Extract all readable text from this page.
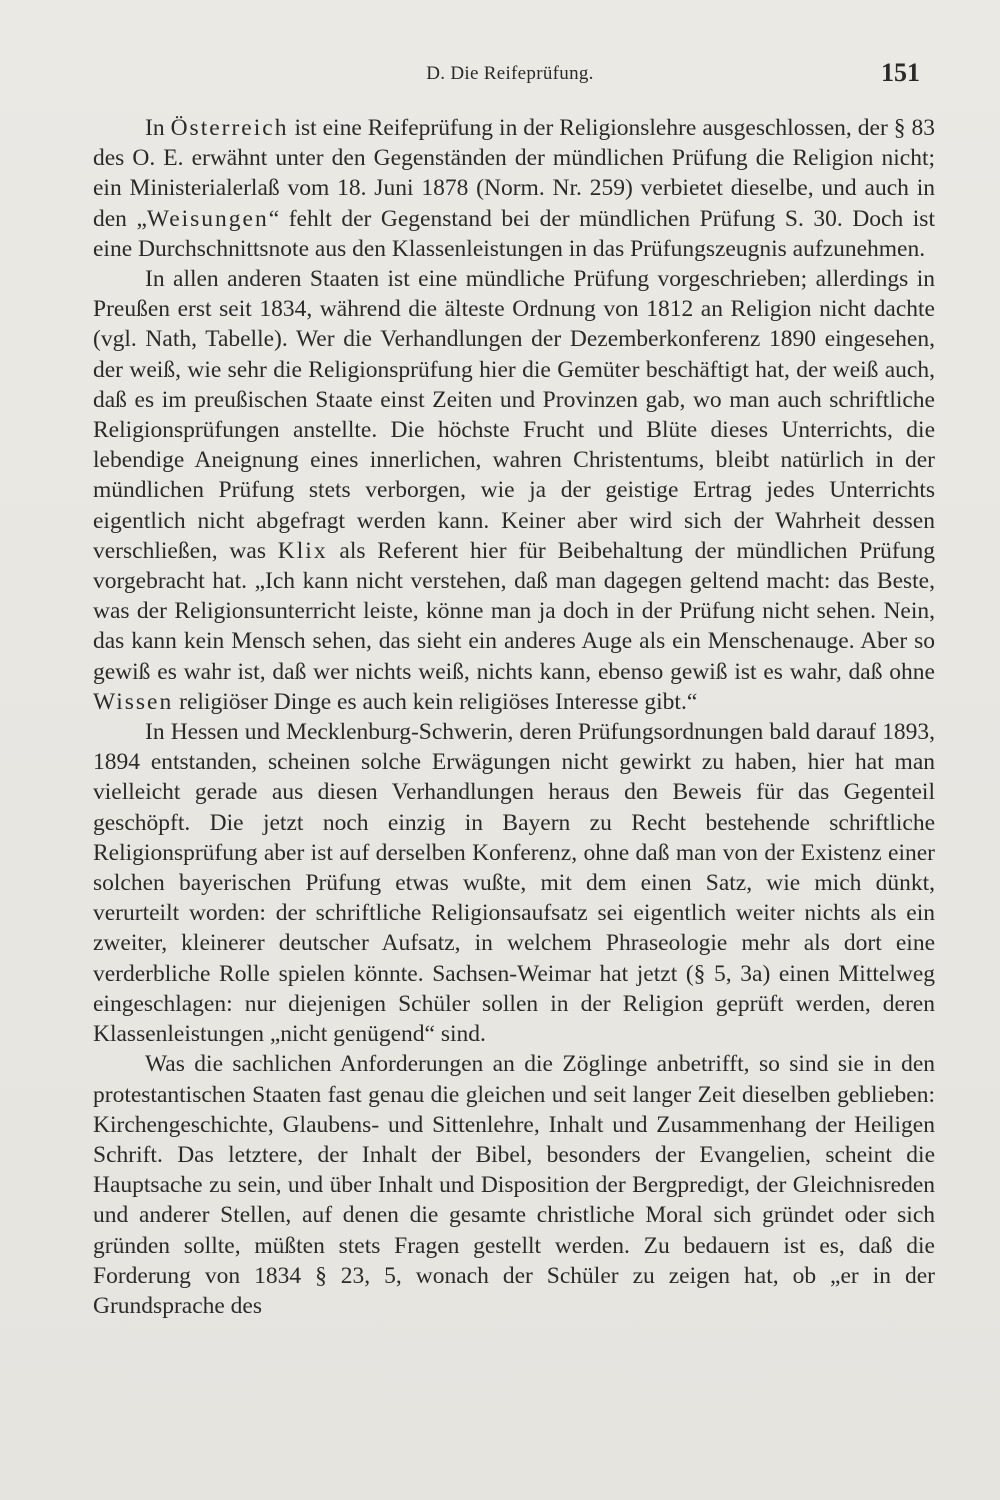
D. Die Reifeprüfung.	151

In Österreich ist eine Reifeprüfung in der Religionslehre ausgeschlossen, der § 83 des O. E. erwähnt unter den Gegenständen der mündlichen Prüfung die Religion nicht; ein Ministerialerlaß vom 18. Juni 1878 (Norm. Nr. 259) verbietet dieselbe, und auch in den „Weisungen“ fehlt der Gegenstand bei der mündlichen Prüfung S. 30. Doch ist eine Durchschnittsnote aus den Klassenleistungen in das Prüfungszeugnis aufzunehmen.

In allen anderen Staaten ist eine mündliche Prüfung vorgeschrieben; allerdings in Preußen erst seit 1834, während die älteste Ordnung von 1812 an Religion nicht dachte (vgl. Nath, Tabelle). Wer die Verhandlungen der Dezemberkonferenz 1890 eingesehen, der weiß, wie sehr die Religionsprüfung hier die Gemüter beschäftigt hat, der weiß auch, daß es im preußischen Staate einst Zeiten und Provinzen gab, wo man auch schriftliche Religionsprüfungen anstellte. Die höchste Frucht und Blüte dieses Unterrichts, die lebendige Aneignung eines innerlichen, wahren Christentums, bleibt natürlich in der mündlichen Prüfung stets verborgen, wie ja der geistige Ertrag jedes Unterrichts eigentlich nicht abgefragt werden kann. Keiner aber wird sich der Wahrheit dessen verschließen, was Klix als Referent hier für Beibehaltung der mündlichen Prüfung vorgebracht hat. „Ich kann nicht verstehen, daß man dagegen geltend macht: das Beste, was der Religionsunterricht leiste, könne man ja doch in der Prüfung nicht sehen. Nein, das kann kein Mensch sehen, das sieht ein anderes Auge als ein Menschenauge. Aber so gewiß es wahr ist, daß wer nichts weiß, nichts kann, ebenso gewiß ist es wahr, daß ohne Wissen religiöser Dinge es auch kein religiöses Interesse gibt.“

In Hessen und Mecklenburg-Schwerin, deren Prüfungsordnungen bald darauf 1893, 1894 entstanden, scheinen solche Erwägungen nicht gewirkt zu haben, hier hat man vielleicht gerade aus diesen Verhandlungen heraus den Beweis für das Gegenteil geschöpft. Die jetzt noch einzig in Bayern zu Recht bestehende schriftliche Religionsprüfung aber ist auf derselben Konferenz, ohne daß man von der Existenz einer solchen bayerischen Prüfung etwas wußte, mit dem einen Satz, wie mich dünkt, verurteilt worden: der schriftliche Religionsaufsatz sei eigentlich weiter nichts als ein zweiter, kleinerer deutscher Aufsatz, in welchem Phraseologie mehr als dort eine verderbliche Rolle spielen könnte. Sachsen-Weimar hat jetzt (§ 5, 3a) einen Mittelweg eingeschlagen: nur diejenigen Schüler sollen in der Religion geprüft werden, deren Klassenleistungen „nicht genügend“ sind.

Was die sachlichen Anforderungen an die Zöglinge anbetrifft, so sind sie in den protestantischen Staaten fast genau die gleichen und seit langer Zeit dieselben geblieben: Kirchengeschichte, Glaubens- und Sittenlehre, Inhalt und Zusammenhang der Heiligen Schrift. Das letztere, der Inhalt der Bibel, besonders der Evangelien, scheint die Hauptsache zu sein, und über Inhalt und Disposition der Bergpredigt, der Gleichnisreden und anderer Stellen, auf denen die gesamte christliche Moral sich gründet oder sich gründen sollte, müßten stets Fragen gestellt werden. Zu bedauern ist es, daß die Forderung von 1834 § 23, 5, wonach der Schüler zu zeigen hat, ob „er in der Grundsprache des
